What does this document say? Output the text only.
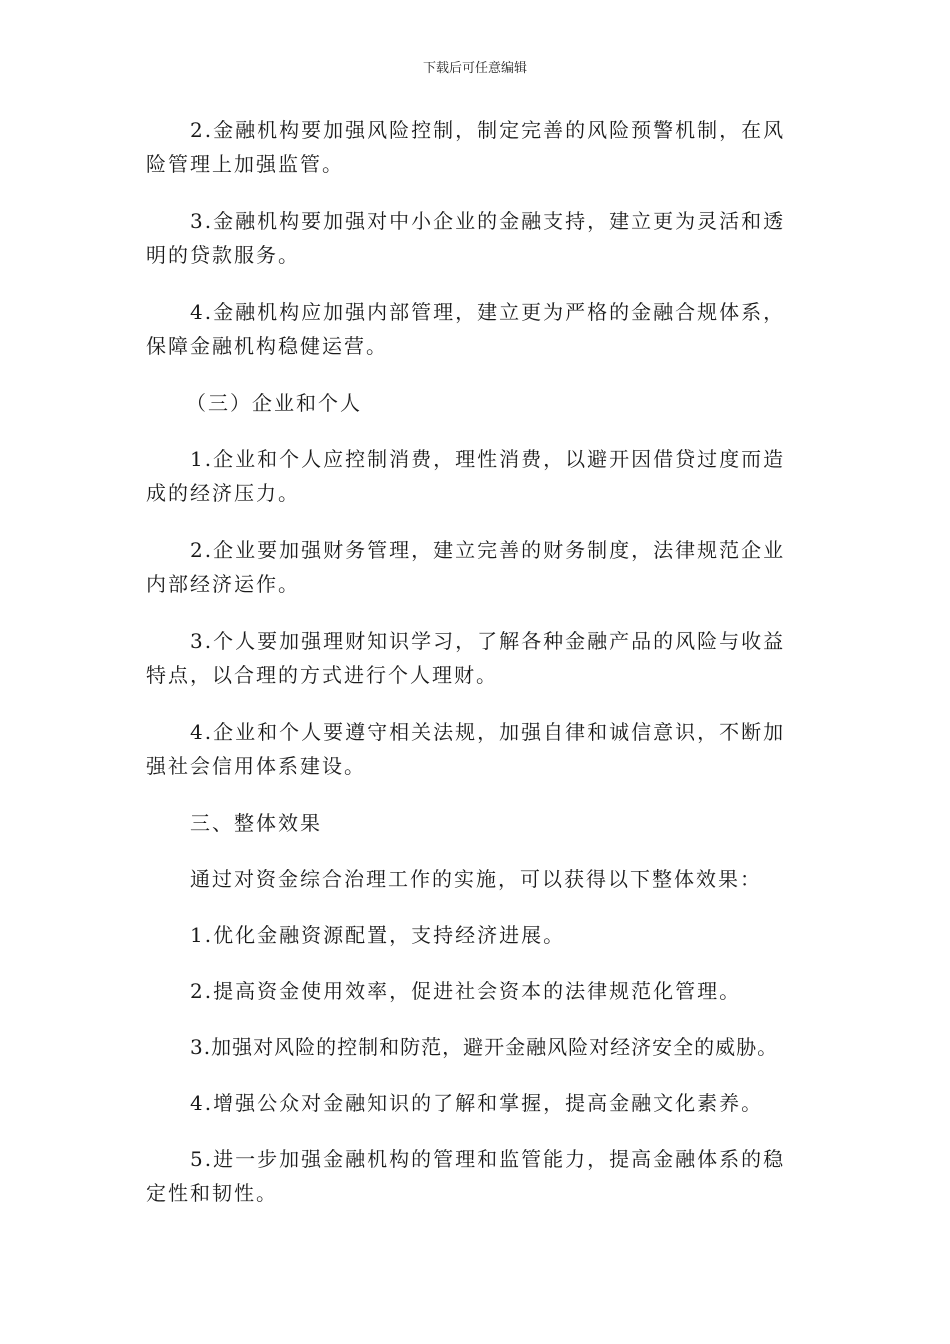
下载后可任意编辑

2.金融机构要加强风险控制，制定完善的风险预警机制，在风险管理上加强监管。

3.金融机构要加强对中小企业的金融支持，建立更为灵活和透明的贷款服务。

4.金融机构应加强内部管理，建立更为严格的金融合规体系，保障金融机构稳健运营。

（三）企业和个人

1.企业和个人应控制消费，理性消费，以避开因借贷过度而造成的经济压力。

2.企业要加强财务管理，建立完善的财务制度，法律规范企业内部经济运作。

3.个人要加强理财知识学习，了解各种金融产品的风险与收益特点，以合理的方式进行个人理财。

4.企业和个人要遵守相关法规，加强自律和诚信意识，不断加强社会信用体系建设。

三、整体效果

通过对资金综合治理工作的实施，可以获得以下整体效果：

1.优化金融资源配置，支持经济进展。

2.提高资金使用效率，促进社会资本的法律规范化管理。

3.加强对风险的控制和防范，避开金融风险对经济安全的威胁。

4.增强公众对金融知识的了解和掌握，提高金融文化素养。

5.进一步加强金融机构的管理和监管能力，提高金融体系的稳定性和韧性。
